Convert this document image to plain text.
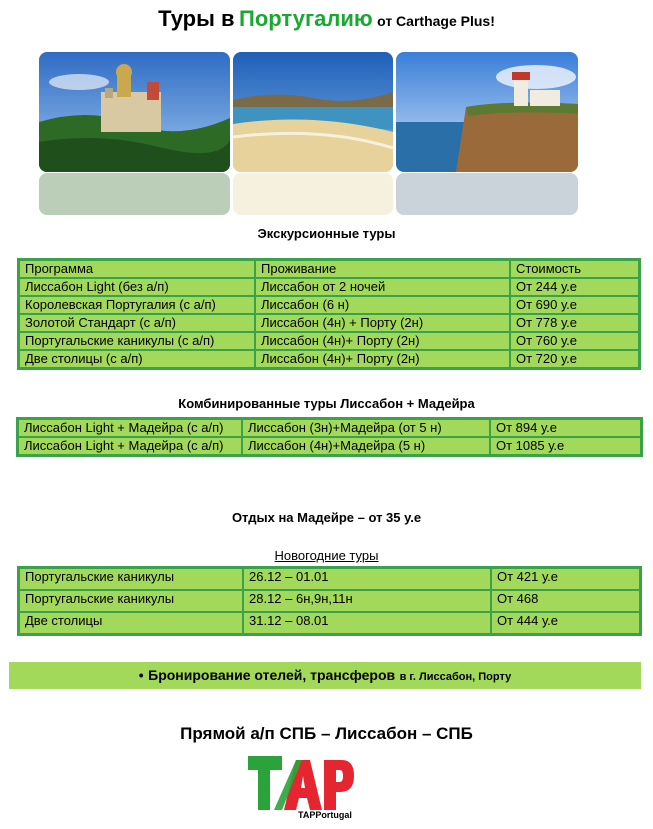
Туры в Португалию от Carthage Plus!
Экскурсионные туры
Программа	Проживание	Стоимость
Лиссабон Light (без а/п)	Лиссабон от 2 ночей	От 244 у.е
Королевская Португалия (с а/п)	Лиссабон (6 н)	От 690 у.е
Золотой Стандарт (с а/п)	Лиссабон (4н) + Порту (2н)	От 778 у.е
Португальские каникулы (с а/п)	Лиссабон (4н)+ Порту (2н)	От 760 у.е
Две столицы (с а/п)	Лиссабон (4н)+ Порту (2н)	От 720 у.е
Комбинированные туры Лиссабон + Мадейра
Лиссабон Light + Мадейра (с а/п)	Лиссабон (3н)+Мадейра (от 5 н)	От 894 у.е
Лиссабон Light + Мадейра (с а/п)	Лиссабон (4н)+Мадейра (5 н)	От 1085 у.е
Отдых на Мадейре – от 35 у.е
Новогодние туры
Португальские каникулы	26.12 – 01.01	От 421 у.е
Португальские каникулы	28.12 – 6н,9н,11н	От 468
Две столицы	31.12 – 08.01	От 444 у.е
• Бронирование отелей, трансферов в г. Лиссабон, Порту
Прямой а/п СПБ – Лиссабон – СПБ
TAPPortugal
